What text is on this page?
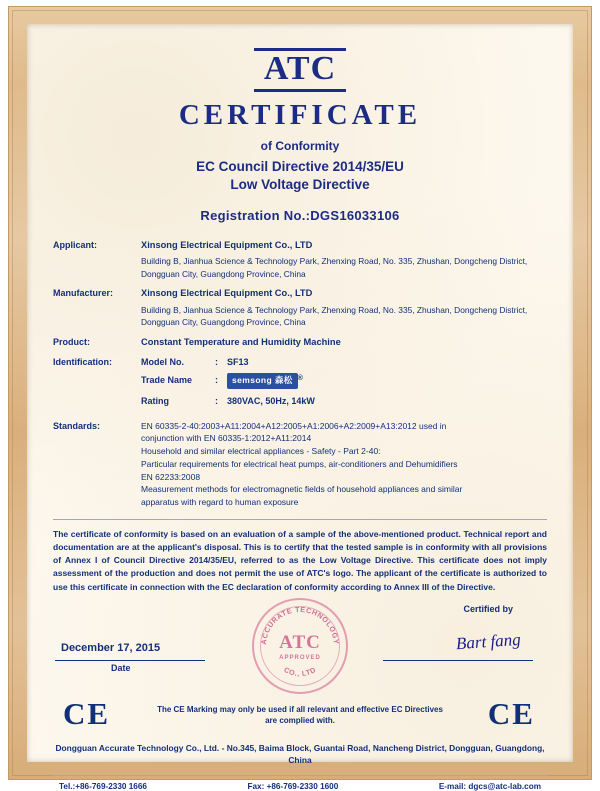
ATC
CERTIFICATE
of Conformity
EC Council Directive 2014/35/EU
Low Voltage Directive
Registration No.:DGS16033106
Applicant:	Xinsong Electrical Equipment Co., LTD
Building B, Jianhua Science & Technology Park, Zhenxing Road, No. 335, Zhushan, Dongcheng District, Dongguan City, Guangdong Province, China
Manufacturer:	Xinsong Electrical Equipment Co., LTD
Building B, Jianhua Science & Technology Park, Zhenxing Road, No. 335, Zhushan, Dongcheng District, Dongguan City, Guangdong Province, China
Product:	Constant Temperature and Humidity Machine
Identification:	Model No.	:	SF13
Trade Name	:	semsong 森松 ®
Rating	:	380VAC, 50Hz, 14kW
Standards:	EN 60335-2-40:2003+A11:2004+A12:2005+A1:2006+A2:2009+A13:2012 used in
conjunction with EN 60335-1:2012+A11:2014
Household and similar electrical appliances - Safety - Part 2-40:
Particular requirements for electrical heat pumps, air-conditioners and Dehumidifiers
EN 62233:2008
Measurement methods for electromagnetic fields of household appliances and similar
apparatus with regard to human exposure
The certificate of conformity is based on an evaluation of a sample of the above-mentioned product. Technical report and documentation are at the applicant's disposal. This is to certify that the tested sample is in conformity with all provisions of Annex I of Council Directive 2014/35/EU, referred to as the Low Voltage Directive. This certificate does not imply assessment of the production and does not permit the use of ATC's logo. The applicant of the certificate is authorized to use this certificate in connection with the EC declaration of conformity according to Annex III of the Directive.
Certified by
Bart fang
December 17, 2015
Date
ACCURATE TECHNOLOGY
CO., LTD
ATC
APPROVED
CE	The CE Marking may only be used if all relevant and effective EC Directives are complied with.	CE
Dongguan Accurate Technology Co., Ltd. - No.345, Baima Block, Guantai Road, Nancheng District, Dongguan, Guangdong, China
Tel.:+86-769-2330 1666	Fax: +86-769-2330 1600	E-mail: dgcs@atc-lab.com
